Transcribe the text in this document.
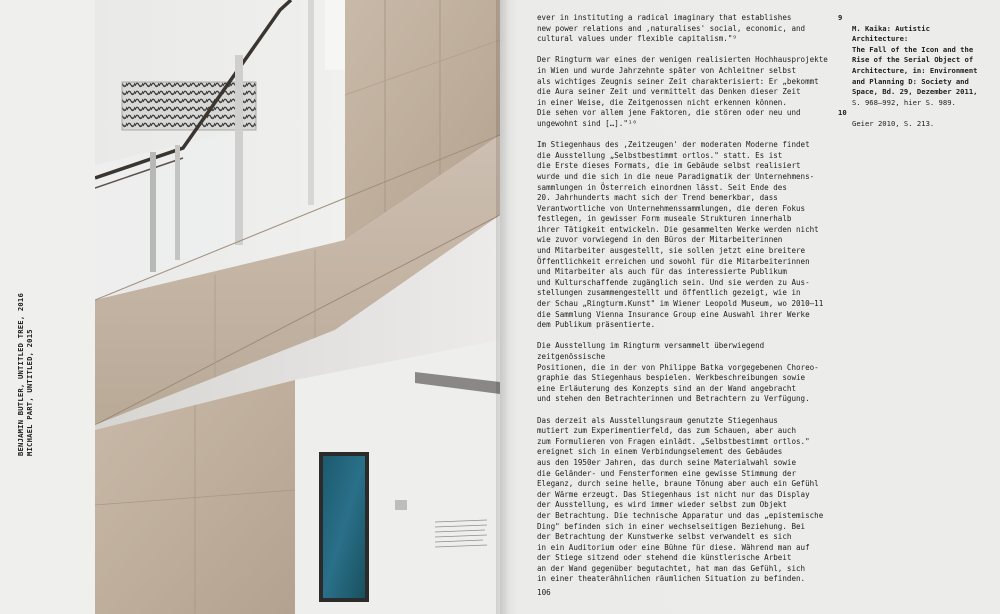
BENJAMIN BUTLER, UNTITLED TREE, 2016 MICHAEL PART, UNTITLED, 2015

ever in instituting a radical imaginary that establishes
new power relations and ‚naturalises' social, economic, and
cultural values under flexible capitalism."⁹

Der Ringturm war eines der wenigen realisierten Hochhausprojekte
in Wien und wurde Jahrzehnte später von Achleitner selbst
als wichtiges Zeugnis seiner Zeit charakterisiert: Er „bekommt
die Aura seiner Zeit und vermittelt das Denken dieser Zeit
in einer Weise, die Zeitgenossen nicht erkennen können.
Die sehen vor allem jene Faktoren, die stören oder neu und
ungewohnt sind […]."¹⁰

Im Stiegenhaus des ‚Zeitzeugen' der moderaten Moderne findet
die Ausstellung „Selbstbestimmt ortlos." statt. Es ist
die Erste dieses Formats, die im Gebäude selbst realisiert
wurde und die sich in die neue Paradigmatik der Unternehmens-
sammlungen in Österreich einordnen lässt. Seit Ende des
20. Jahrhunderts macht sich der Trend bemerkbar, dass
Verantwortliche von Unternehmenssammlungen, die deren Fokus
festlegen, in gewisser Form museale Strukturen innerhalb
ihrer Tätigkeit entwickeln. Die gesammelten Werke werden nicht
wie zuvor vorwiegend in den Büros der Mitarbeiterinnen
und Mitarbeiter ausgestellt, sie sollen jetzt eine breitere
Öffentlichkeit erreichen und sowohl für die Mitarbeiterinnen
und Mitarbeiter als auch für das interessierte Publikum
und Kulturschaffende zugänglich sein. Und sie werden zu Aus-
stellungen zusammengestellt und öffentlich gezeigt, wie in
der Schau „Ringturm.Kunst" im Wiener Leopold Museum, wo 2010–11
die Sammlung Vienna Insurance Group eine Auswahl ihrer Werke
dem Publikum präsentierte.

Die Ausstellung im Ringturm versammelt überwiegend zeitgenössische
Positionen, die in der von Philippe Batka vorgegebenen Choreo-
graphie das Stiegenhaus bespielen. Werkbeschreibungen sowie
eine Erläuterung des Konzepts sind an der Wand angebracht
und stehen den Betrachterinnen und Betrachtern zu Verfügung.

Das derzeit als Ausstellungsraum genutzte Stiegenhaus
mutiert zum Experimentierfeld, das zum Schauen, aber auch
zum Formulieren von Fragen einlädt. „Selbstbestimmt ortlos."
ereignet sich in einem Verbindungselement des Gebäudes
aus den 1950er Jahren, das durch seine Materialwahl sowie
die Geländer- und Fensterformen eine gewisse Stimmung der
Eleganz, durch seine helle, braune Tönung aber auch ein Gefühl
der Wärme erzeugt. Das Stiegenhaus ist nicht nur das Display
der Ausstellung, es wird immer wieder selbst zum Objekt
der Betrachtung. Die technische Apparatur und das „epistemische
Ding" befinden sich in einer wechselseitigen Beziehung. Bei
der Betrachtung der Kunstwerke selbst verwandelt es sich
in ein Auditorium oder eine Bühne für diese. Während man auf
der Stiege sitzend oder stehend die künstlerische Arbeit
an der Wand gegenüber begutachtet, hat man das Gefühl, sich
in einer theaterähnlichen räumlichen Situation zu befinden.

9
M. Kaika: Autistic Architecture:
The Fall of the Icon and the
Rise of the Serial Object of
Architecture, in: Environment
and Planning D: Society and
Space, Bd. 29, Dezember 2011,
S. 968–992, hier S. 989.

10
Geier 2010, S. 213.

106
